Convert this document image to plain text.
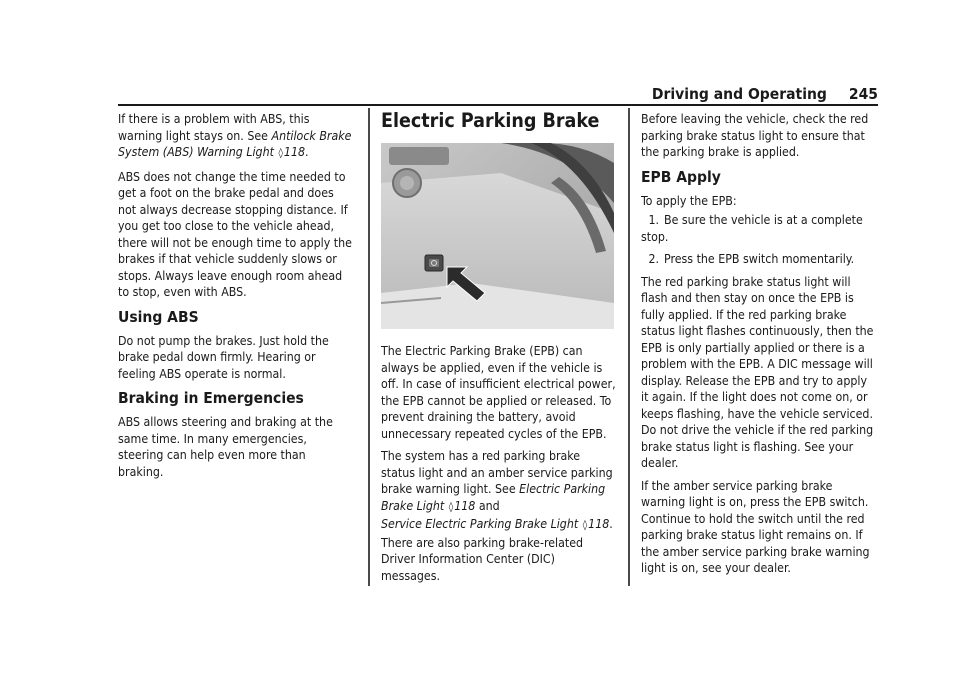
Driving and Operating 245

If there is a problem with ABS, this warning light stays on. See Antilock Brake System (ABS) Warning Light ◊118.

ABS does not change the time needed to get a foot on the brake pedal and does not always decrease stopping distance. If you get too close to the vehicle ahead, there will not be enough time to apply the brakes if that vehicle suddenly slows or stops. Always leave enough room ahead to stop, even with ABS.

Using ABS

Do not pump the brakes. Just hold the brake pedal down firmly. Hearing or feeling ABS operate is normal.

Braking in Emergencies

ABS allows steering and braking at the same time. In many emergencies, steering can help even more than braking.

Electric Parking Brake

The Electric Parking Brake (EPB) can always be applied, even if the vehicle is off. In case of insufficient electrical power, the EPB cannot be applied or released. To prevent draining the battery, avoid unnecessary repeated cycles of the EPB.

The system has a red parking brake status light and an amber service parking brake warning light. See Electric Parking Brake Light ◊118 and
Service Electric Parking Brake Light ◊118. There are also parking brake-related Driver Information Center (DIC) messages.

Before leaving the vehicle, check the red parking brake status light to ensure that the parking brake is applied.

EPB Apply

To apply the EPB:

1. Be sure the vehicle is at a complete stop.
2. Press the EPB switch momentarily.

The red parking brake status light will flash and then stay on once the EPB is fully applied. If the red parking brake status light flashes continuously, then the EPB is only partially applied or there is a problem with the EPB. A DIC message will display. Release the EPB and try to apply it again. If the light does not come on, or keeps flashing, have the vehicle serviced. Do not drive the vehicle if the red parking brake status light is flashing. See your dealer.

If the amber service parking brake warning light is on, press the EPB switch. Continue to hold the switch until the red parking brake status light remains on. If the amber service parking brake warning light is on, see your dealer.
